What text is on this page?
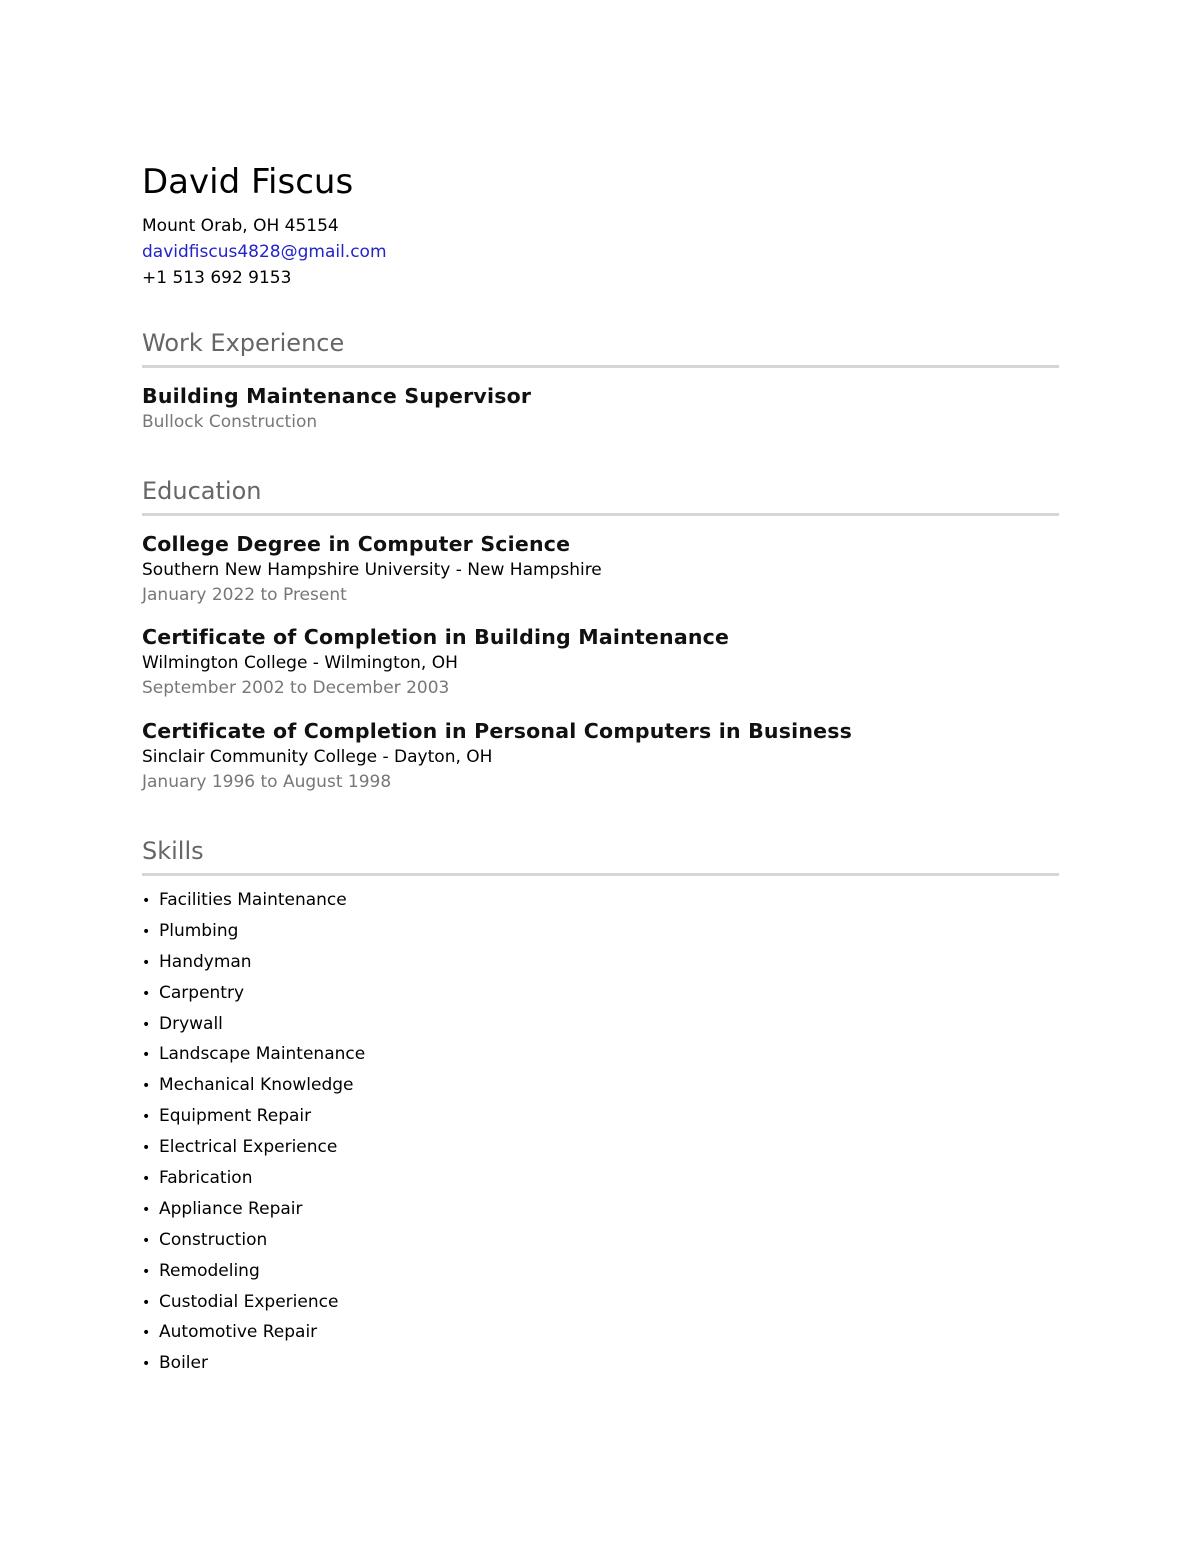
David Fiscus
Mount Orab, OH 45154
davidfiscus4828@gmail.com
+1 513 692 9153
Work Experience
Building Maintenance Supervisor
Bullock Construction
Education
College Degree in Computer Science
Southern New Hampshire University - New Hampshire
January 2022 to Present
Certificate of Completion in Building Maintenance
Wilmington College - Wilmington, OH
September 2002 to December 2003
Certificate of Completion in Personal Computers in Business
Sinclair Community College - Dayton, OH
January 1996 to August 1998
Skills
• Facilities Maintenance
• Plumbing
• Handyman
• Carpentry
• Drywall
• Landscape Maintenance
• Mechanical Knowledge
• Equipment Repair
• Electrical Experience
• Fabrication
• Appliance Repair
• Construction
• Remodeling
• Custodial Experience
• Automotive Repair
• Boiler
